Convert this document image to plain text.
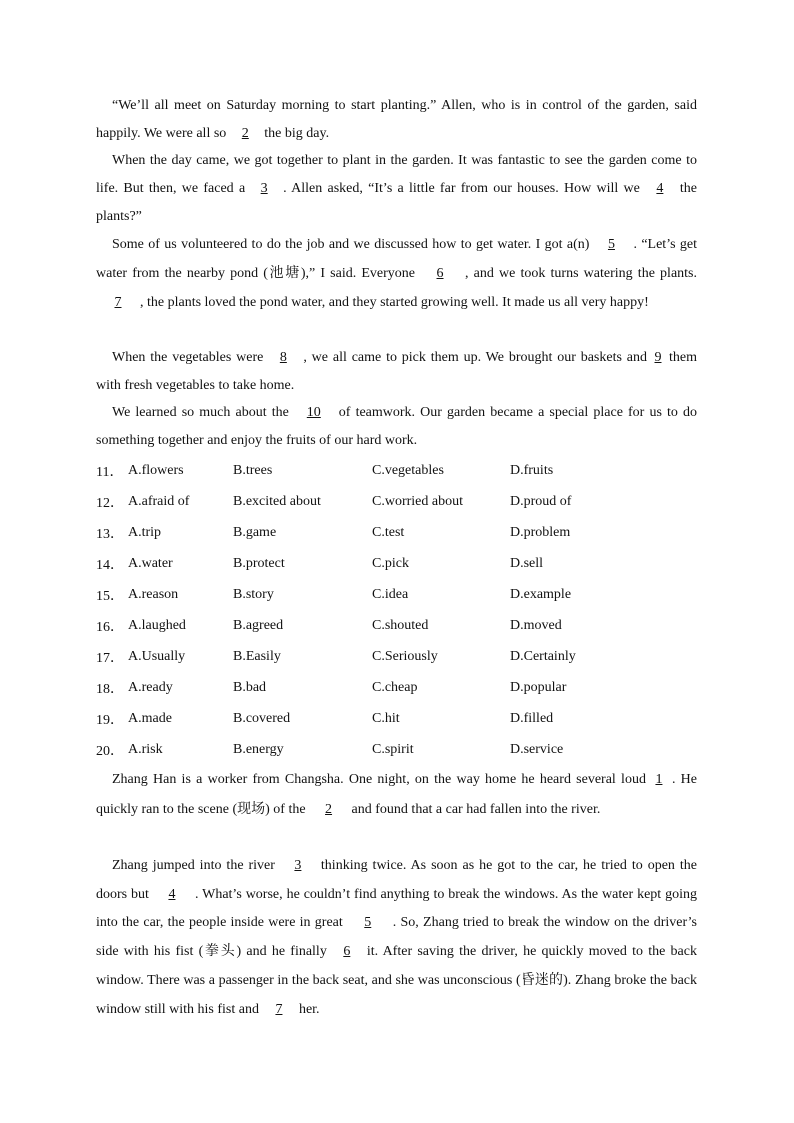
“We’ll all meet on Saturday morning to start planting.” Allen, who is in control of the garden, said happily. We were all so 2 the big day.

When the day came, we got together to plant in the garden. It was fantastic to see the garden come to life. But then, we faced a 3 . Allen asked, “It’s a little far from our houses. How will we 4 the plants?”

Some of us volunteered to do the job and we discussed how to get water. I got a(n) 5 . “Let’s get water from the nearby pond (池塘),” I said. Everyone 6 , and we took turns watering the plants.7 , the plants loved the pond water, and they started growing well. It made us all very happy!

When the vegetables were 8 , we all came to pick them up. We brought our baskets and 9 them with fresh vegetables to take home.

We learned so much about the 10 of teamwork. Our garden became a special place for us to do something together and enjoy the fruits of our hard work.

11． A.flowers	B.trees	C.vegetables	D.fruits
12． A.afraid of	B.excited about	C.worried about	D.proud of
13． A.trip	B.game	C.test	D.problem
14． A.water	B.protect	C.pick	D.sell
15． A.reason	B.story	C.idea	D.example
16． A.laughed	B.agreed	C.shouted	D.moved
17． A.Usually	B.Easily	C.Seriously	D.Certainly
18． A.ready	B.bad	C.cheap	D.popular
19． A.made	B.covered	C.hit	D.filled
20． A.risk	B.energy	C.spirit	D.service

Zhang Han is a worker from Changsha. One night, on the way home he heard several loud 1 . He quickly ran to the scene (现场) of the 2 and found that a car had fallen into the river.

Zhang jumped into the river 3 thinking twice. As soon as he got to the car, he tried to open the doors but 4 . What’s worse, he couldn’t find anything to break the windows. As the water kept going into the car, the people inside were in great 5 . So, Zhang tried to break the window on the driver’s side with his fist (拳头) and he finally 6 it. After saving the driver, he quickly moved to the back window. There was a passenger in the back seat, and she was unconscious (昏迷的). Zhang broke the back window still with his fist and 7 her.
